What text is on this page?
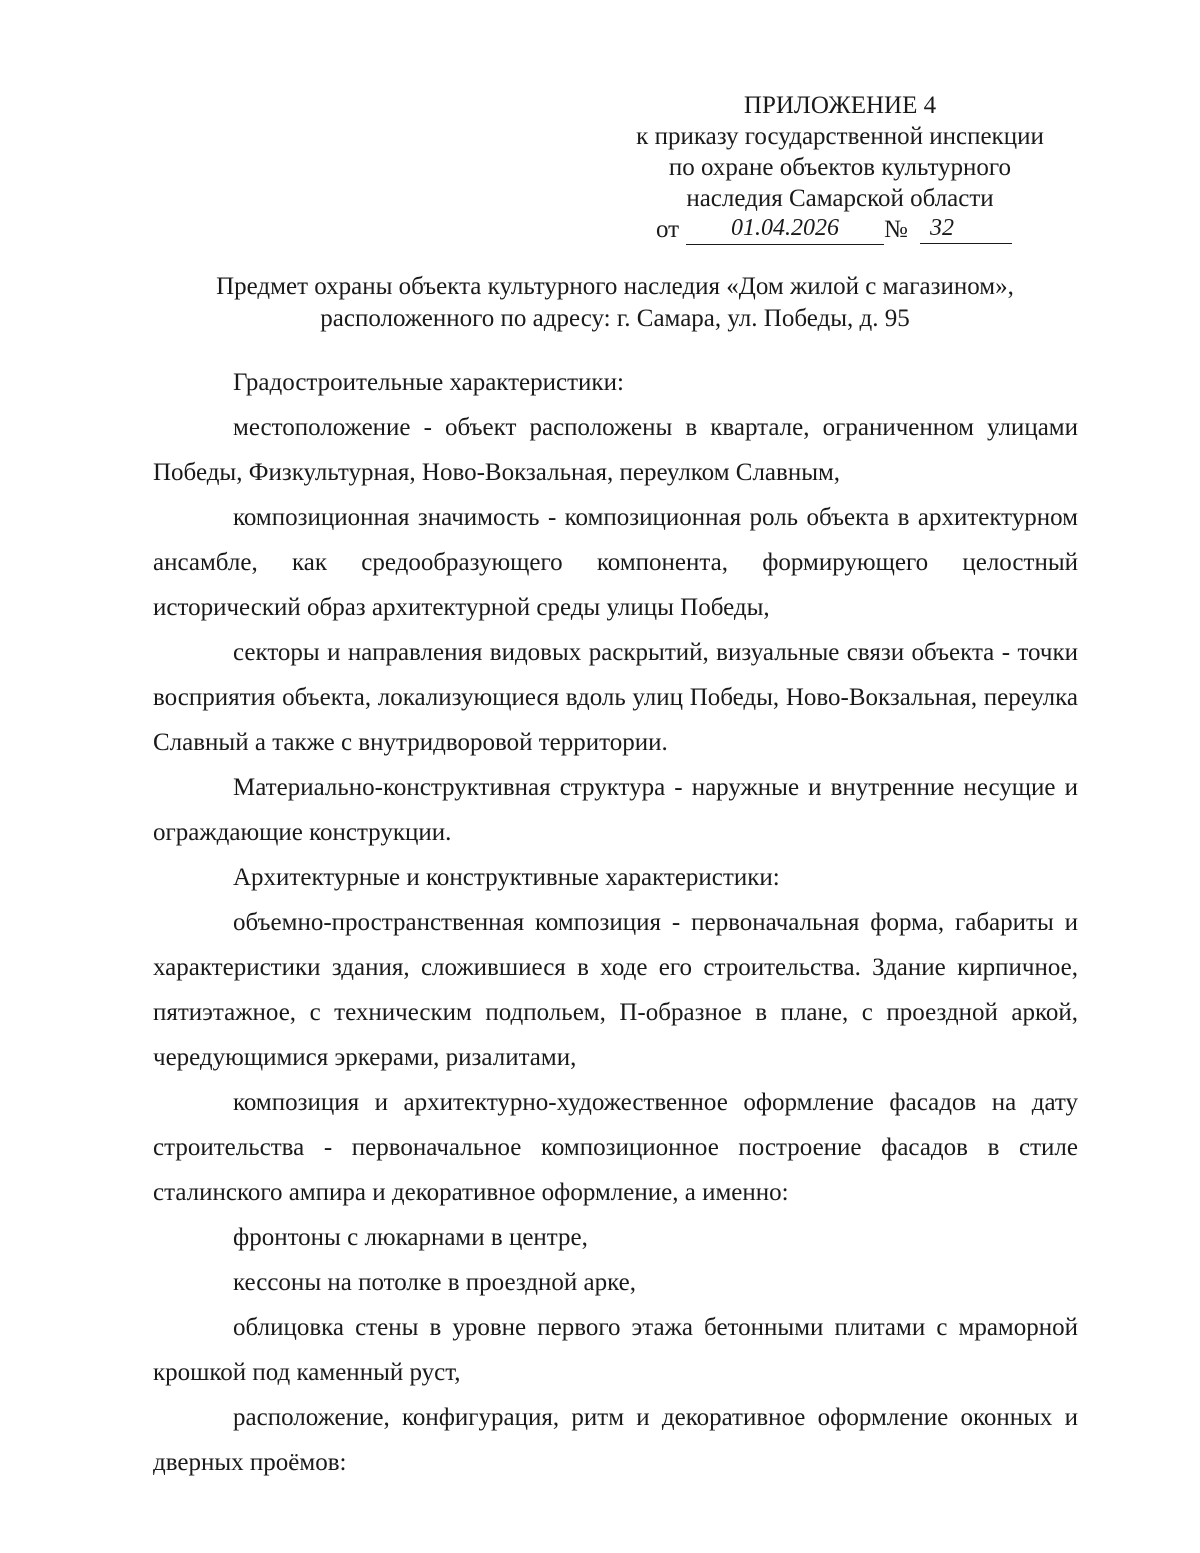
ПРИЛОЖЕНИЕ 4
к приказу государственной инспекции
по охране объектов культурного
наследия Самарской области
от	01.04.2026	№ 32
Предмет охраны объекта культурного наследия «Дом жилой с магазином»,
расположенного по адресу: г. Самара, ул. Победы, д. 95

Градостроительные характеристики:

местоположение - объект расположены в квартале, ограниченном улицами Победы, Физкультурная, Ново-Вокзальная, переулком Славным,

композиционная значимость - композиционная роль объекта в архитектурном ансамбле, как средообразующего компонента, формирующего целостный исторический образ архитектурной среды улицы Победы,

секторы и направления видовых раскрытий, визуальные связи объекта - точки восприятия объекта, локализующиеся вдоль улиц Победы, Ново-Вокзальная, переулка Славный а также с внутридворовой территории.

Материально-конструктивная структура - наружные и внутренние несущие и ограждающие конструкции.

Архитектурные и конструктивные характеристики:

объемно-пространственная композиция - первоначальная форма, габариты и характеристики здания, сложившиеся в ходе его строительства. Здание кирпичное, пятиэтажное, с техническим подпольем, П-образное в плане, с проездной аркой, чередующимися эркерами, ризалитами,

композиция и архитектурно-художественное оформление фасадов на дату строительства - первоначальное композиционное построение фасадов в стиле сталинского ампира и декоративное оформление, а именно:

фронтоны с люкарнами в центре,

кессоны на потолке в проездной арке,

облицовка стены в уровне первого этажа бетонными плитами с мраморной крошкой под каменный руст,

расположение, конфигурация, ритм и декоративное оформление оконных и дверных проёмов:
